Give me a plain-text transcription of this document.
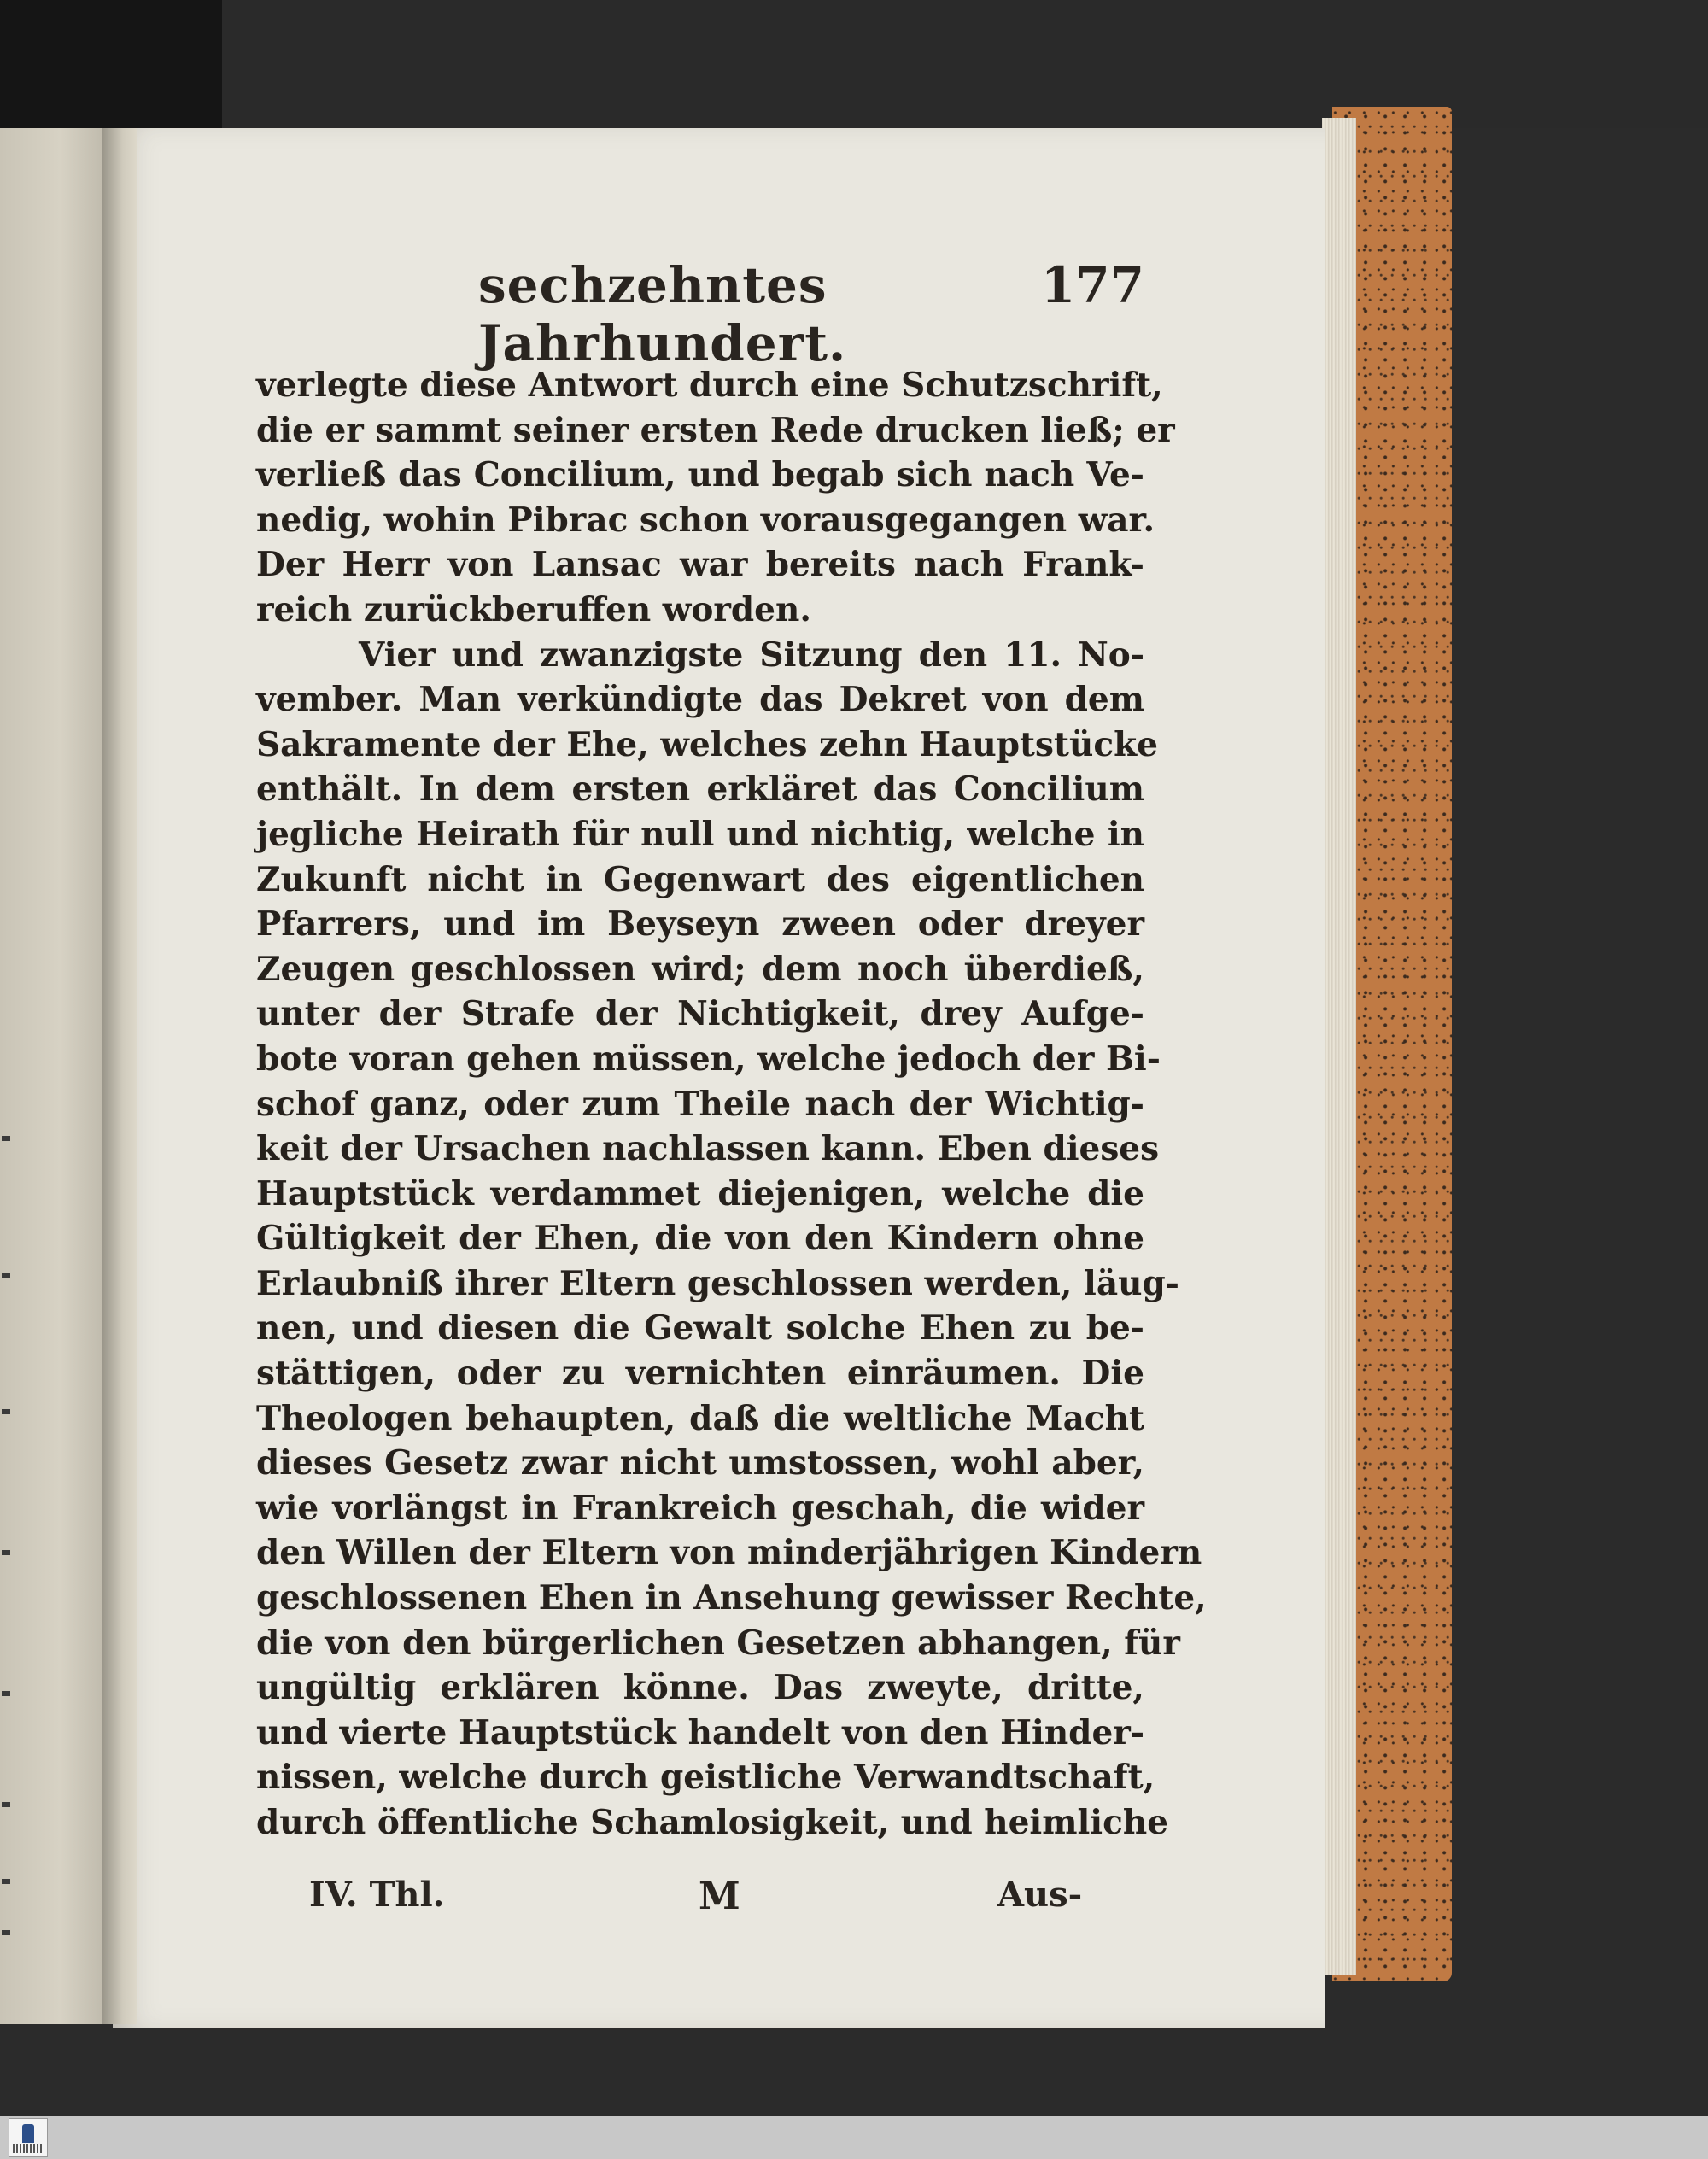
sechzehntes Jahrhundert.
177
verlegte diese Antwort durch eine Schutzschrift,
die er sammt seiner ersten Rede drucken ließ; er
verließ das Concilium, und begab sich nach Ve-
nedig, wohin Pibrac schon vorausgegangen war.
Der Herr von Lansac war bereits nach Frank-
reich zurückberuffen worden.
Vier und zwanzigste Sitzung den 11. No-
vember. Man verkündigte das Dekret von dem
Sakramente der Ehe, welches zehn Hauptstücke
enthält. In dem ersten erkläret das Concilium
jegliche Heirath für null und nichtig, welche in
Zukunft nicht in Gegenwart des eigentlichen
Pfarrers, und im Beyseyn zween oder dreyer
Zeugen geschlossen wird; dem noch überdieß,
unter der Strafe der Nichtigkeit, drey Aufge-
bote voran gehen müssen, welche jedoch der Bi-
schof ganz, oder zum Theile nach der Wichtig-
keit der Ursachen nachlassen kann. Eben dieses
Hauptstück verdammet diejenigen, welche die
Gültigkeit der Ehen, die von den Kindern ohne
Erlaubniß ihrer Eltern geschlossen werden, läug-
nen, und diesen die Gewalt solche Ehen zu be-
stättigen, oder zu vernichten einräumen. Die
Theologen behaupten, daß die weltliche Macht
dieses Gesetz zwar nicht umstossen, wohl aber,
wie vorlängst in Frankreich geschah, die wider
den Willen der Eltern von minderjährigen Kindern
geschlossenen Ehen in Ansehung gewisser Rechte,
die von den bürgerlichen Gesetzen abhangen, für
ungültig erklären könne. Das zweyte, dritte,
und vierte Hauptstück handelt von den Hinder-
nissen, welche durch geistliche Verwandtschaft,
durch öffentliche Schamlosigkeit, und heimliche
IV. Thl.	M	Aus-
